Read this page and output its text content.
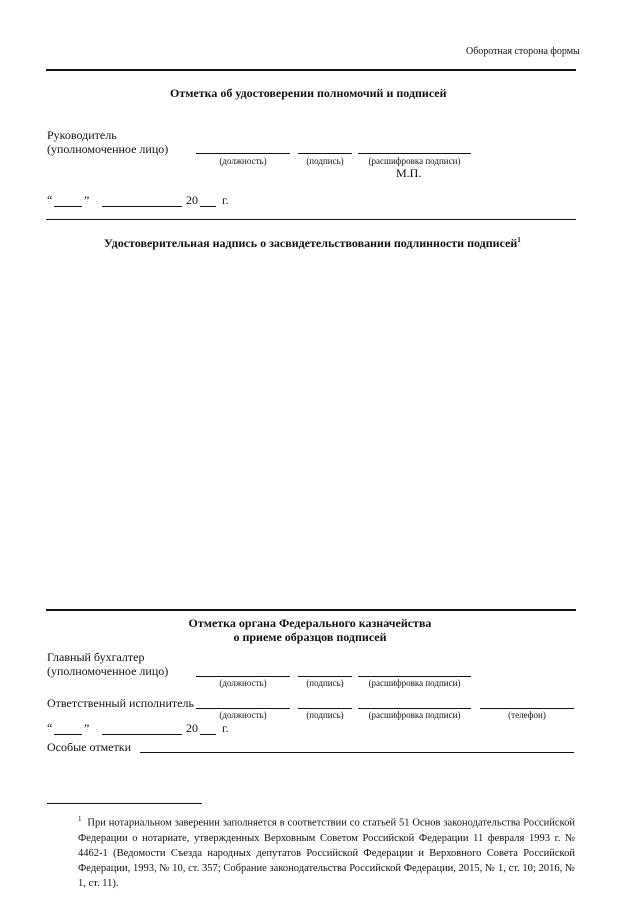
Оборотная сторона формы
Отметка об удостоверении полномочий и подписей
Руководитель
(уполномоченное лицо)
(должность)	(подпись)	(расшифровка подписи)
М.П.
“	”	20 г.
Удостоверительная надпись о засвидетельствовании подлинности подписей$^1$
Отметка органа Федерального казначейства
о приеме образцов подписей
Главный бухгалтер
(уполномоченное лицо)
(должность)	(подпись)	(расшифровка подписи)
Ответственный исполнитель
(должность)	(подпись)	(расшифровка подписи)	(телефон)
“	”	20 г.
Особые отметки
$^1$ При нотариальном заверении заполняется в соответствии со статьей 51 Основ законодательства Российской Федерации о нотариате, утвержденных Верховным Советом Российской Федерации 11 февраля 1993 г. № 4462-1 (Ведомости Съезда народных депутатов Российской Федерации и Верховного Совета Российской Федерации, 1993, № 10, ст. 357; Собрание законодательства Российской Федерации, 2015, № 1, ст. 10; 2016, № 1, ст. 11).
